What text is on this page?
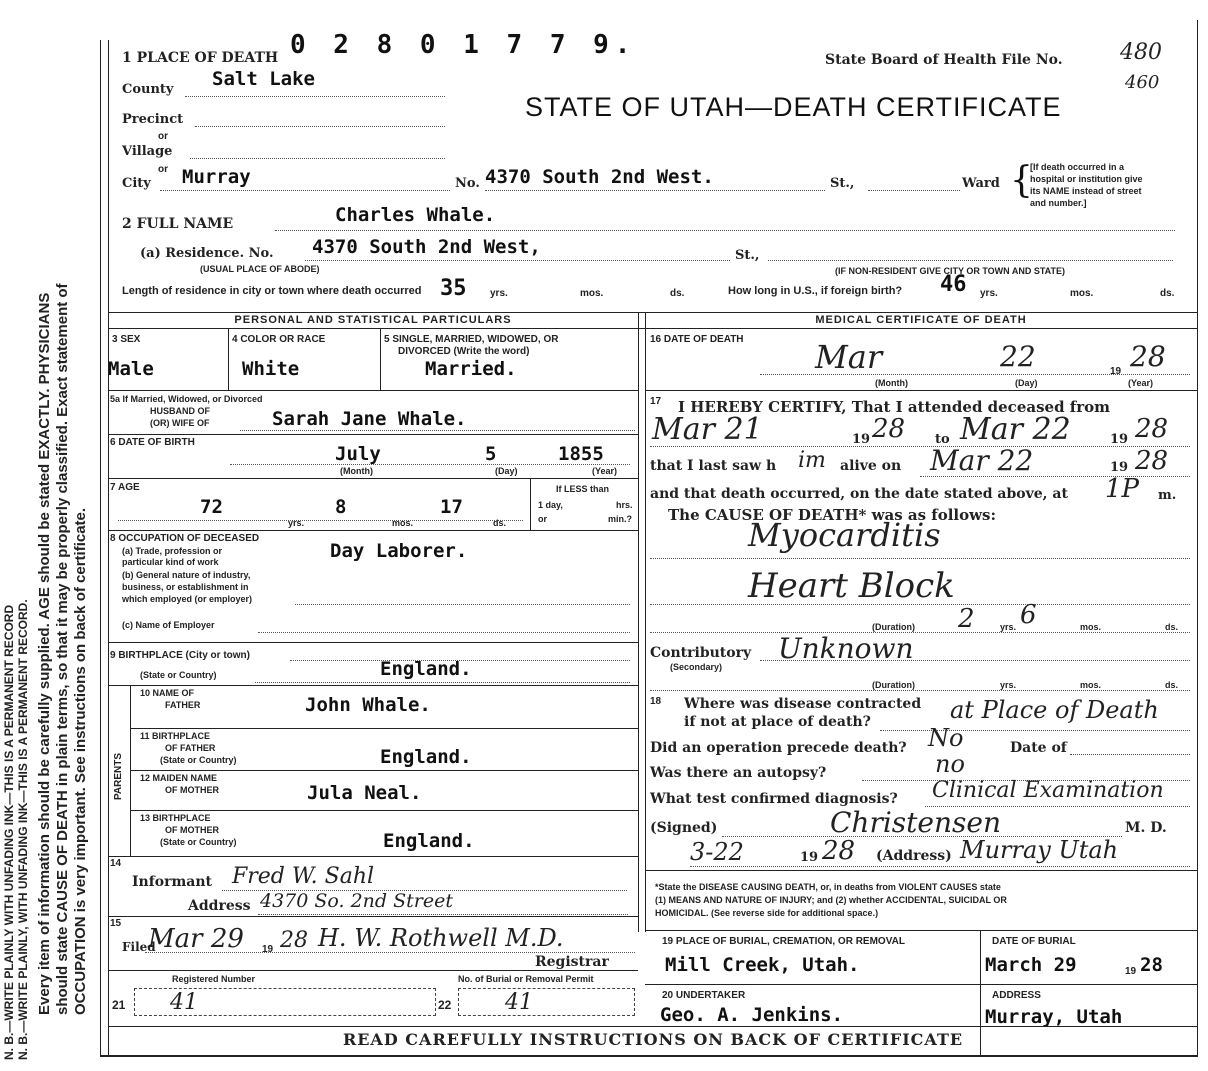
N. B.—WRITE PLAINLY WITH UNFADING INK—THIS IS A PERMANENT RECORD N. B.—WRITE PLAINLY, WITH UNFADING INK—THIS IS A PERMANENT RECORD. Every item of information should be carefully supplied. AGE should be stated EXACTLY. PHYSICIANS should state CAUSE OF DEATH in plain terms, so that it may be properly classified. Exact statement of OCCUPATION is very important. See instructions on back of certificate.
0 2 8 0 1 7 7 9.
1 PLACE OF DEATH	State Board of Health File No.	480
460
STATE OF UTAH—DEATH CERTIFICATE
County Salt Lake
Precinct
or
Village
or
City Murray	No. 4370 South 2nd West.	St.,	Ward {
[If death occurred in a
hospital or institution give
its NAME instead of street
and number.]
2 FULL NAME	Charles Whale.
(a) Residence. No. 4370 South 2nd West,	St.,
(USUAL PLACE OF ABODE)	(IF NON-RESIDENT GIVE CITY OR TOWN AND STATE)
Length of residence in city or town where death occurred 35 yrs.	mos.	ds.	How long in U.S., if foreign birth? 46 yrs.	mos.	ds.
PERSONAL AND STATISTICAL PARTICULARS	MEDICAL CERTIFICATE OF DEATH
3 SEX
Male
4 COLOR OR RACE
White
5 SINGLE, MARRIED, WIDOWED, OR
DIVORCED (Write the word)
Married.
5a If Married, Widowed, or Divorced
HUSBAND OF
(OR) WIFE OF	Sarah Jane Whale.
6 DATE OF BIRTH
July	5	1855
(Month)	(Day)	(Year)
7 AGE
72
yrs.
8
mos.
17
ds.
If LESS than
1 day,	hrs.
or	min.?
8 OCCUPATION OF DECEASED
(a) Trade, profession or
particular kind of work
(b) General nature of industry,
business, or establishment in
which employed (or employer)
Day Laborer.
(c) Name of Employer
9 BIRTHPLACE (City or town)
(State or Country)	England.
PARENTS
10 NAME OF
FATHER	John Whale.
11 BIRTHPLACE
OF FATHER
(State or Country)	England.
12 MAIDEN NAME
OF MOTHER	Jula Neal.
13 BIRTHPLACE
OF MOTHER
(State or Country)	England.
14
Informant Fred W. Sahl
Address 4370 So. 2nd Street
15
Filed
Mar 29 19 28 H. W. Rothwell M.D.
Registrar
Registered Number	No. of Burial or Removal Permit
21 41	22 41
16 DATE OF DEATH Mar	22	19 28
(Month)	(Day)	(Year)
17 I HEREBY CERTIFY, That I attended deceased from
Mar 21	19 28 to Mar 22	19 28
that I last saw h im alive on Mar 22	19 28
and that death occurred, on the date stated above, at 1P m.
The CAUSE OF DEATH* was as follows:
Myocarditis
Heart Block
(Duration) 2	yrs. 6	mos.	ds.
Contributory
(Secondary)
Unknown
(Duration)	yrs.	mos.	ds.
18 Where was disease contracted
if not at place of death?	at Place of Death
Did an operation precede death? No	Date of
Was there an autopsy?	no
What test confirmed diagnosis? Clinical Examination
(Signed)	Christensen	M. D.
3-22	19 28 (Address) Murray Utah
*State the DISEASE CAUSING DEATH, or, in deaths from VIOLENT CAUSES state
(1) MEANS AND NATURE OF INJURY; and (2) whether ACCIDENTAL, SUICIDAL OR
HOMICIDAL. (See reverse side for additional space.)
19 PLACE OF BURIAL, CREMATION, OR REMOVAL
Mill Creek, Utah.
DATE OF BURIAL
March 29	19 28
20 UNDERTAKER
Geo. A. Jenkins.
ADDRESS
Murray, Utah
READ CAREFULLY INSTRUCTIONS ON BACK OF CERTIFICATE
